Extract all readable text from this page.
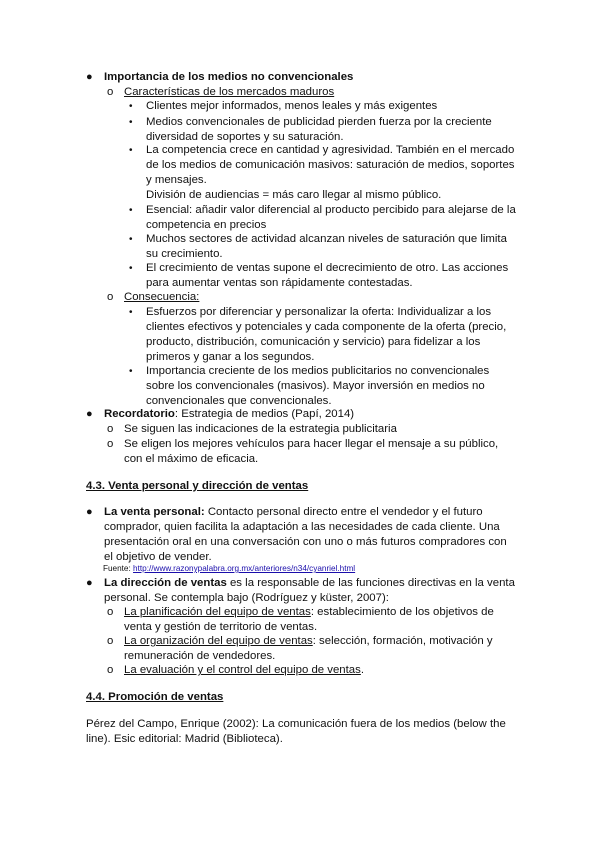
● Importancia de los medios no convencionales
o Características de los mercados maduros
• Clientes mejor informados, menos leales y más exigentes
• Medios convencionales de publicidad pierden fuerza por la creciente diversidad de soportes y su saturación.
• La competencia crece en cantidad y agresividad. También en el mercado de los medios de comunicación masivos: saturación de medios, soportes y mensajes.
División de audiencias = más caro llegar al mismo público.
• Esencial: añadir valor diferencial al producto percibido para alejarse de la competencia en precios
• Muchos sectores de actividad alcanzan niveles de saturación que limita su crecimiento.
• El crecimiento de ventas supone el decrecimiento de otro. Las acciones para aumentar ventas son rápidamente contestadas.
o Consecuencia:
• Esfuerzos por diferenciar y personalizar la oferta: Individualizar a los clientes efectivos y potenciales y cada componente de la oferta (precio, producto, distribución, comunicación y servicio) para fidelizar a los primeros y ganar a los segundos.
• Importancia creciente de los medios publicitarios no convencionales sobre los convencionales (masivos). Mayor inversión en medios no convencionales que convencionales.
● Recordatorio: Estrategia de medios (Papí, 2014)
o Se siguen las indicaciones de la estrategia publicitaria
o Se eligen los mejores vehículos para hacer llegar el mensaje a su público, con el máximo de eficacia.
4.3. Venta personal y dirección de ventas
● La venta personal: Contacto personal directo entre el vendedor y el futuro comprador, quien facilita la adaptación a las necesidades de cada cliente. Una presentación oral en una conversación con uno o más futuros compradores con el objetivo de vender.
Fuente: http://www.razonypalabra.org.mx/anteriores/n34/cyanriel.html
● La dirección de ventas es la responsable de las funciones directivas en la venta personal. Se contempla bajo (Rodríguez y küster, 2007):
o La planificación del equipo de ventas: establecimiento de los objetivos de venta y gestión de territorio de ventas.
o La organización del equipo de ventas: selección, formación, motivación y remuneración de vendedores.
o La evaluación y el control del equipo de ventas.
4.4. Promoción de ventas
Pérez del Campo, Enrique (2002): La comunicación fuera de los medios (below the line). Esic editorial: Madrid (Biblioteca).
